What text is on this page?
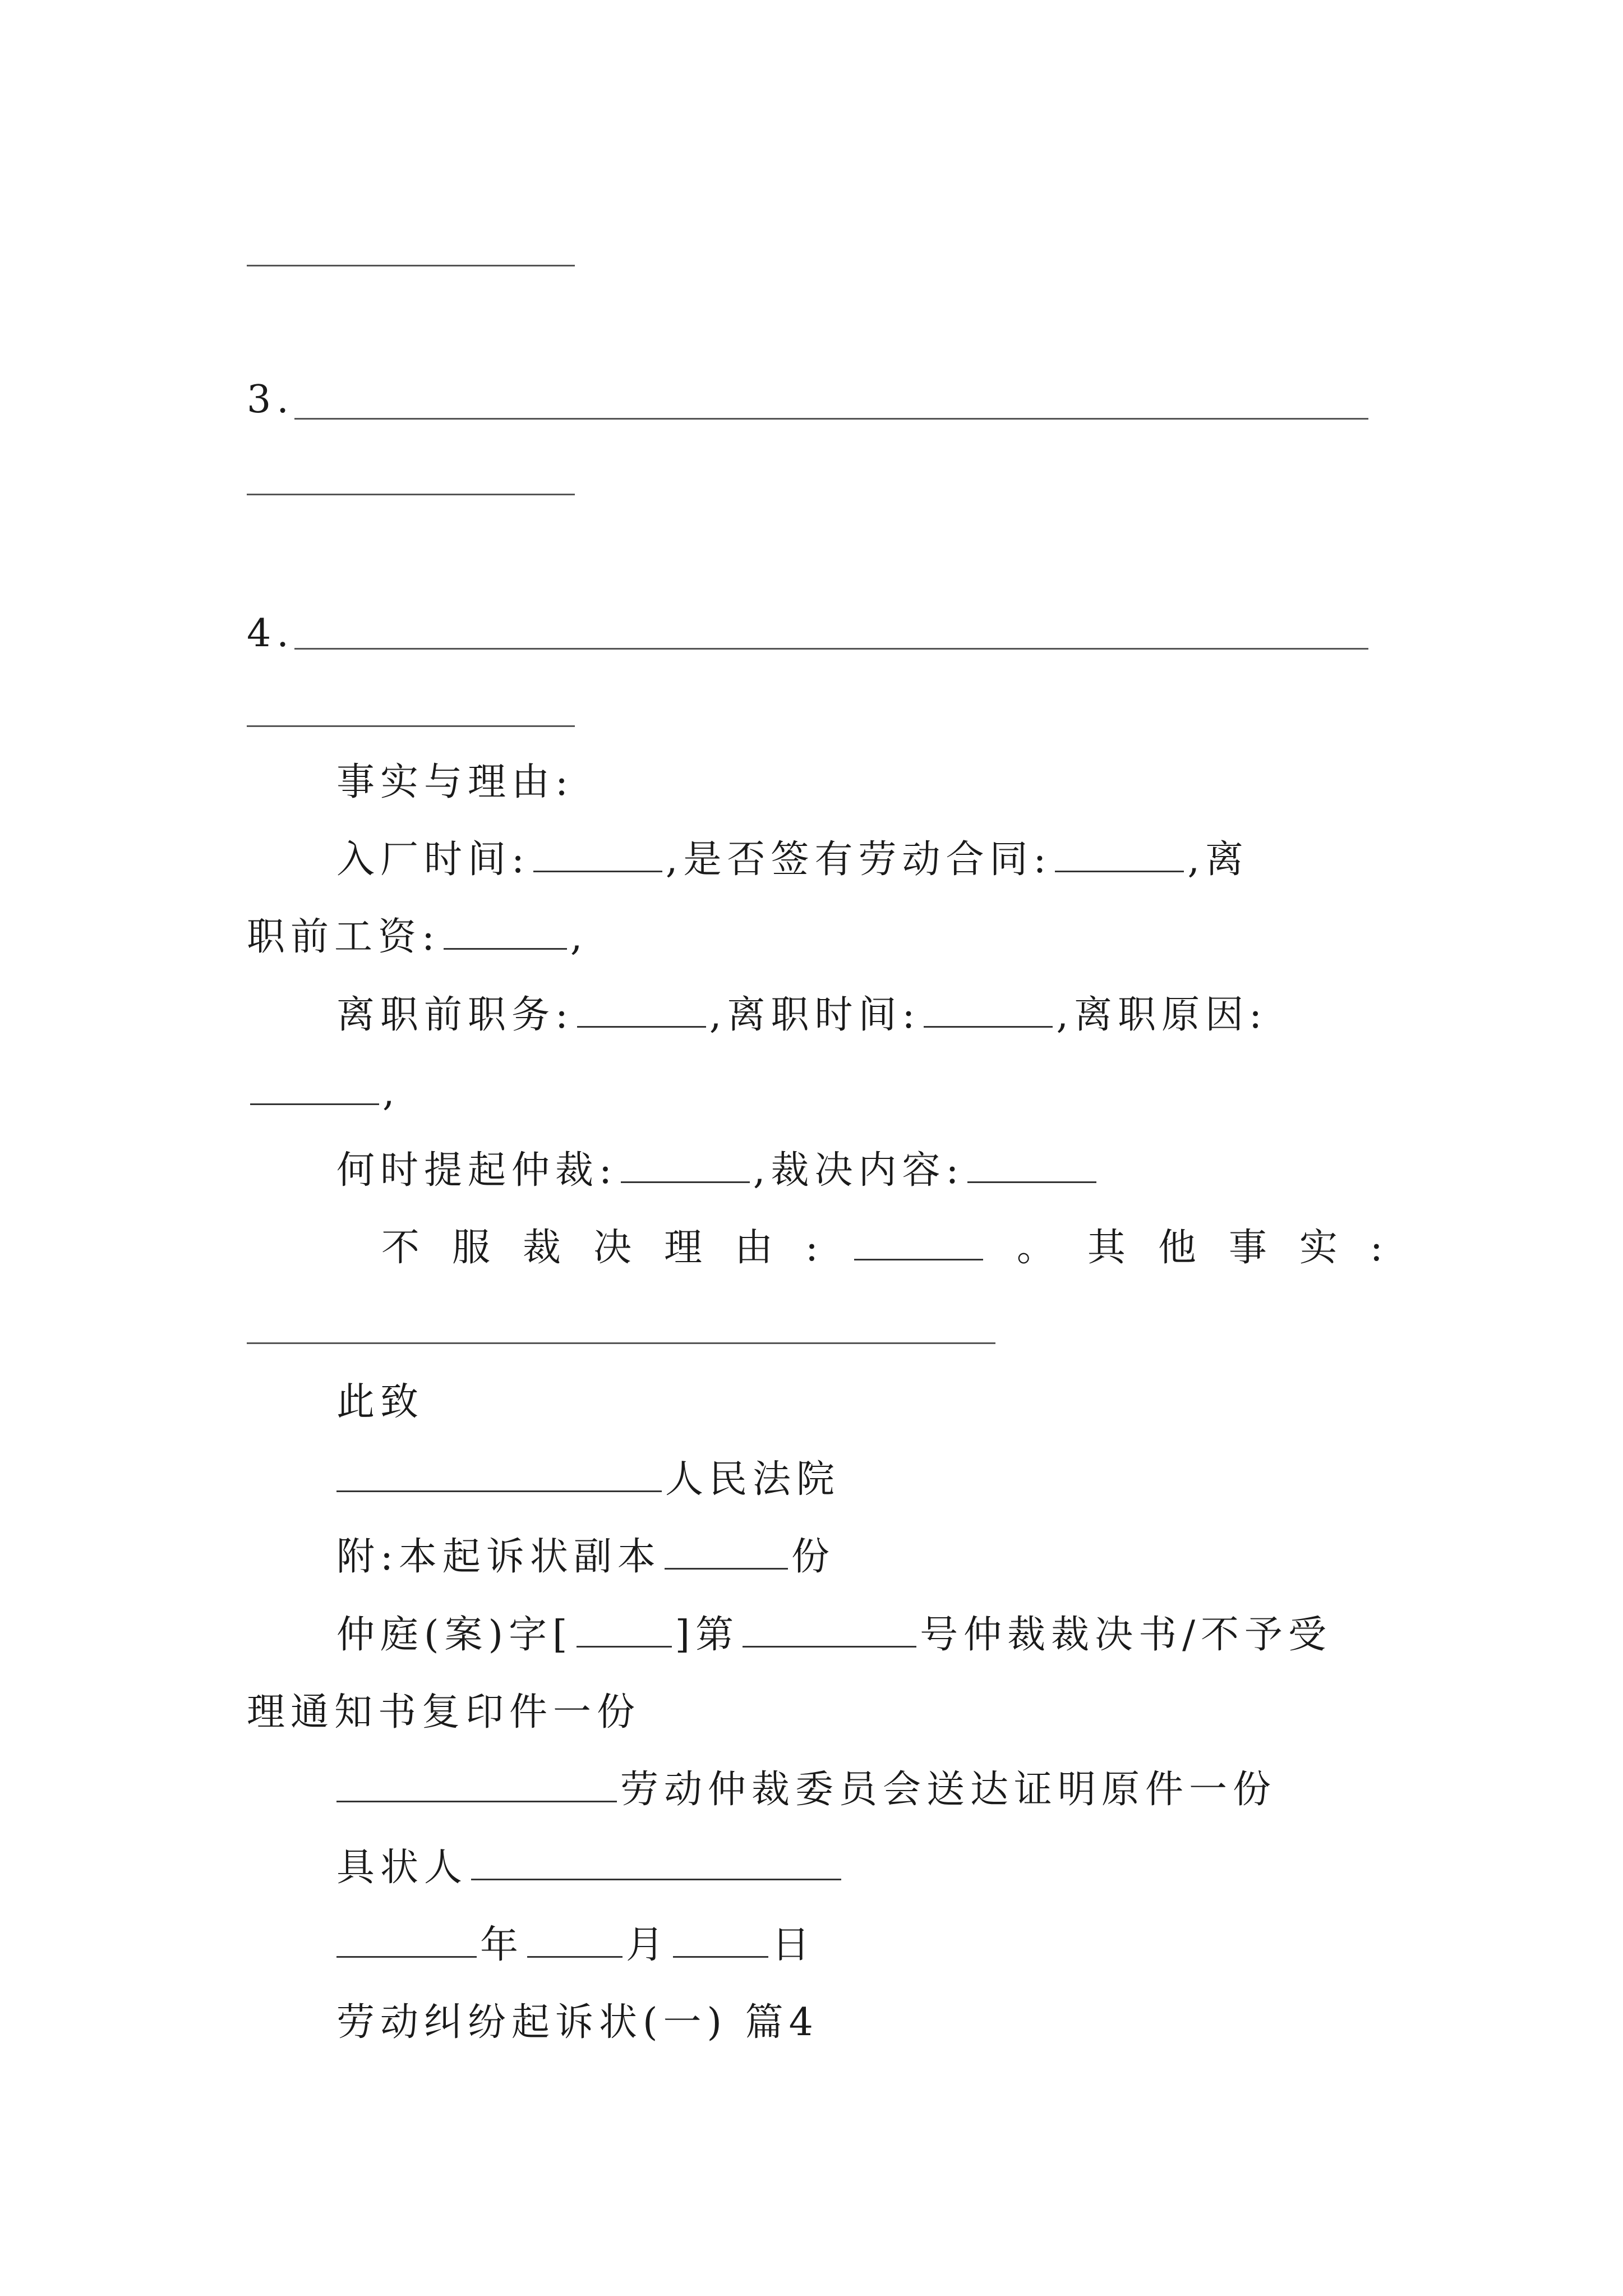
3.
4.
事实与理由:
入厂时间:	,是否签有劳动合同:	,离
职前工资:	,
离职前职务:	,离职时间:	,离职原因:
,
何时提起仲裁:	,裁决内容:
不服裁决理由:	。其他事实:
此致
人民法院
附:本起诉状副本	份
仲庭(案)字[	]第	号仲裁裁决书/不予受
理通知书复印件一份
劳动仲裁委员会送达证明原件一份
具状人
年	月	日
劳动纠纷起诉状(一) 篇4
